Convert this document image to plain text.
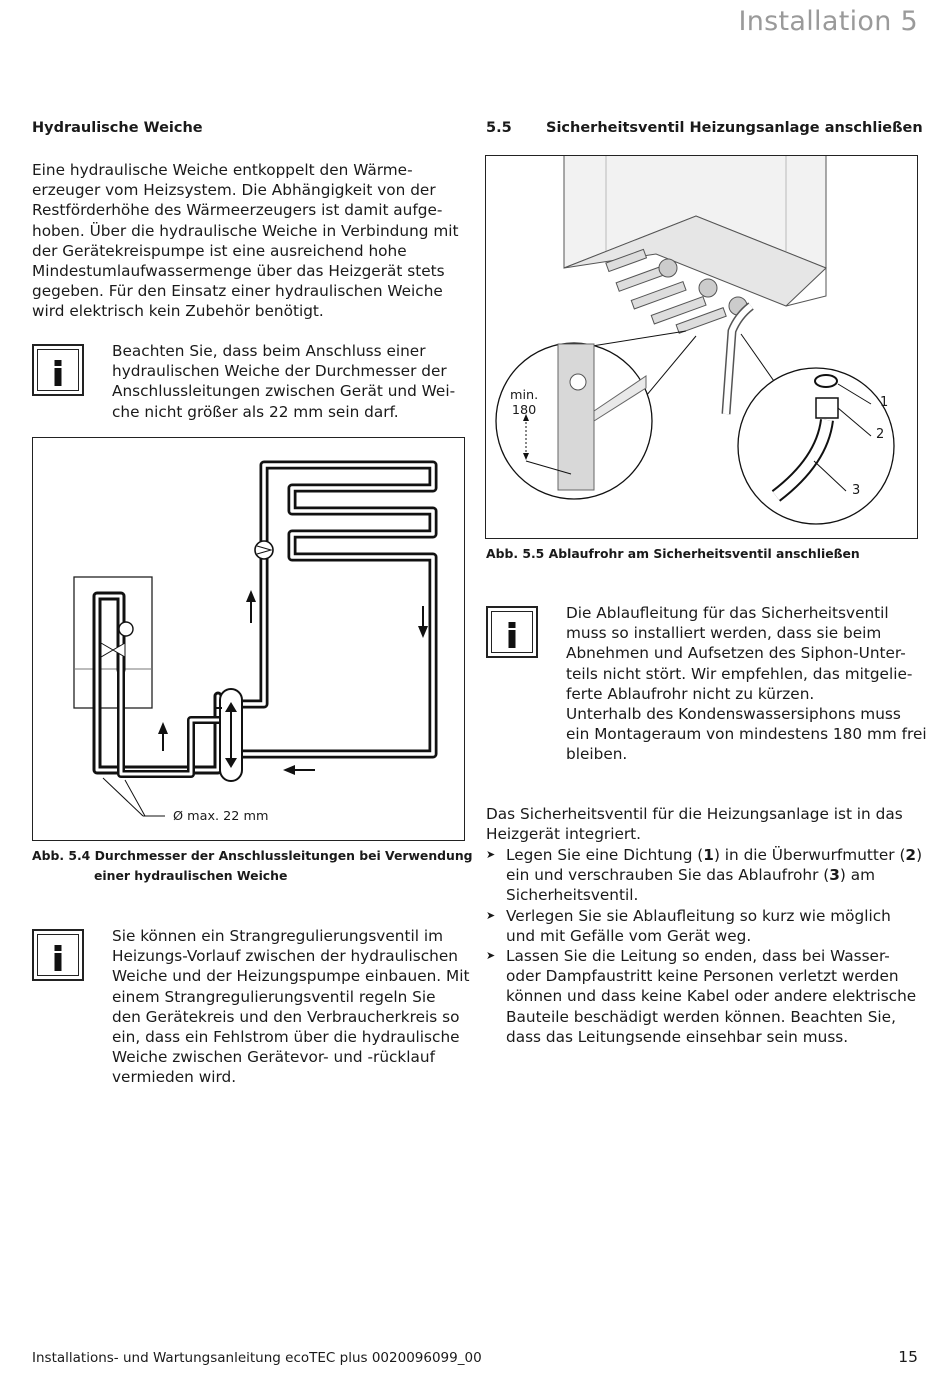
Installation 5
Hydraulische Weiche	5.5 Sicherheitsventil Heizungsanlage anschließen

Eine hydraulische Weiche entkoppelt den Wärme-

erzeuger vom Heizsystem. Die Abhängigkeit von der

Restförderhöhe des Wärmeerzeugers ist damit aufge-

hoben. Über die hydraulische Weiche in Verbindung mit

der Gerätekreispumpe ist eine ausreichend hohe

Mindestumlaufwassermenge über das Heizgerät stets

gegeben. Für den Einsatz einer hydraulischen Weiche

wird elektrisch kein Zubehör benötigt.

Beachten Sie, dass beim Anschluss einer

hydraulischen Weiche der Durchmesser der

Anschlussleitungen zwischen Gerät und Wei-

che nicht größer als 22 mm sein darf.

Ø max. 22 mm

Abb. 5.4 Durchmesser der Anschlussleitungen bei Verwendung

einer hydraulischen Weiche

Sie können ein Strangregulierungsventil im

Heizungs-Vorlauf zwischen der hydraulischen

Weiche und der Heizungspumpe einbauen. Mit

einem Strangregulierungsventil regeln Sie

den Gerätekreis und den Verbraucherkreis so

ein, dass ein Fehlstrom über die hydraulische

Weiche zwischen Gerätevor- und -rücklauf

vermieden wird.

min.
180
1
2
3
Abb. 5.5 Ablaufrohr am Sicherheitsventil anschließen

Die Ablaufleitung für das Sicherheitsventil

muss so installiert werden, dass sie beim

Abnehmen und Aufsetzen des Siphon-Unter-

teils nicht stört. Wir empfehlen, das mitgelie-

ferte Ablaufrohr nicht zu kürzen.

Unterhalb des Kondenswassersiphons muss

ein Montageraum von mindestens 180 mm frei

bleiben.

Das Sicherheitsventil für die Heizungsanlage ist in das

Heizgerät integriert.

➤ Legen Sie eine Dichtung (1) in die Überwurfmutter (2)

ein und verschrauben Sie das Ablaufrohr (3) am

Sicherheitsventil.

➤ Verlegen Sie sie Ablaufleitung so kurz wie möglich

und mit Gefälle vom Gerät weg.

➤ Lassen Sie die Leitung so enden, dass bei Wasser-

oder Dampfaustritt keine Personen verletzt werden

können und dass keine Kabel oder andere elektrische

Bauteile beschädigt werden können. Beachten Sie,

dass das Leitungsende einsehbar sein muss.

Installations- und Wartungsanleitung ecoTEC plus 0020096099_00	15
